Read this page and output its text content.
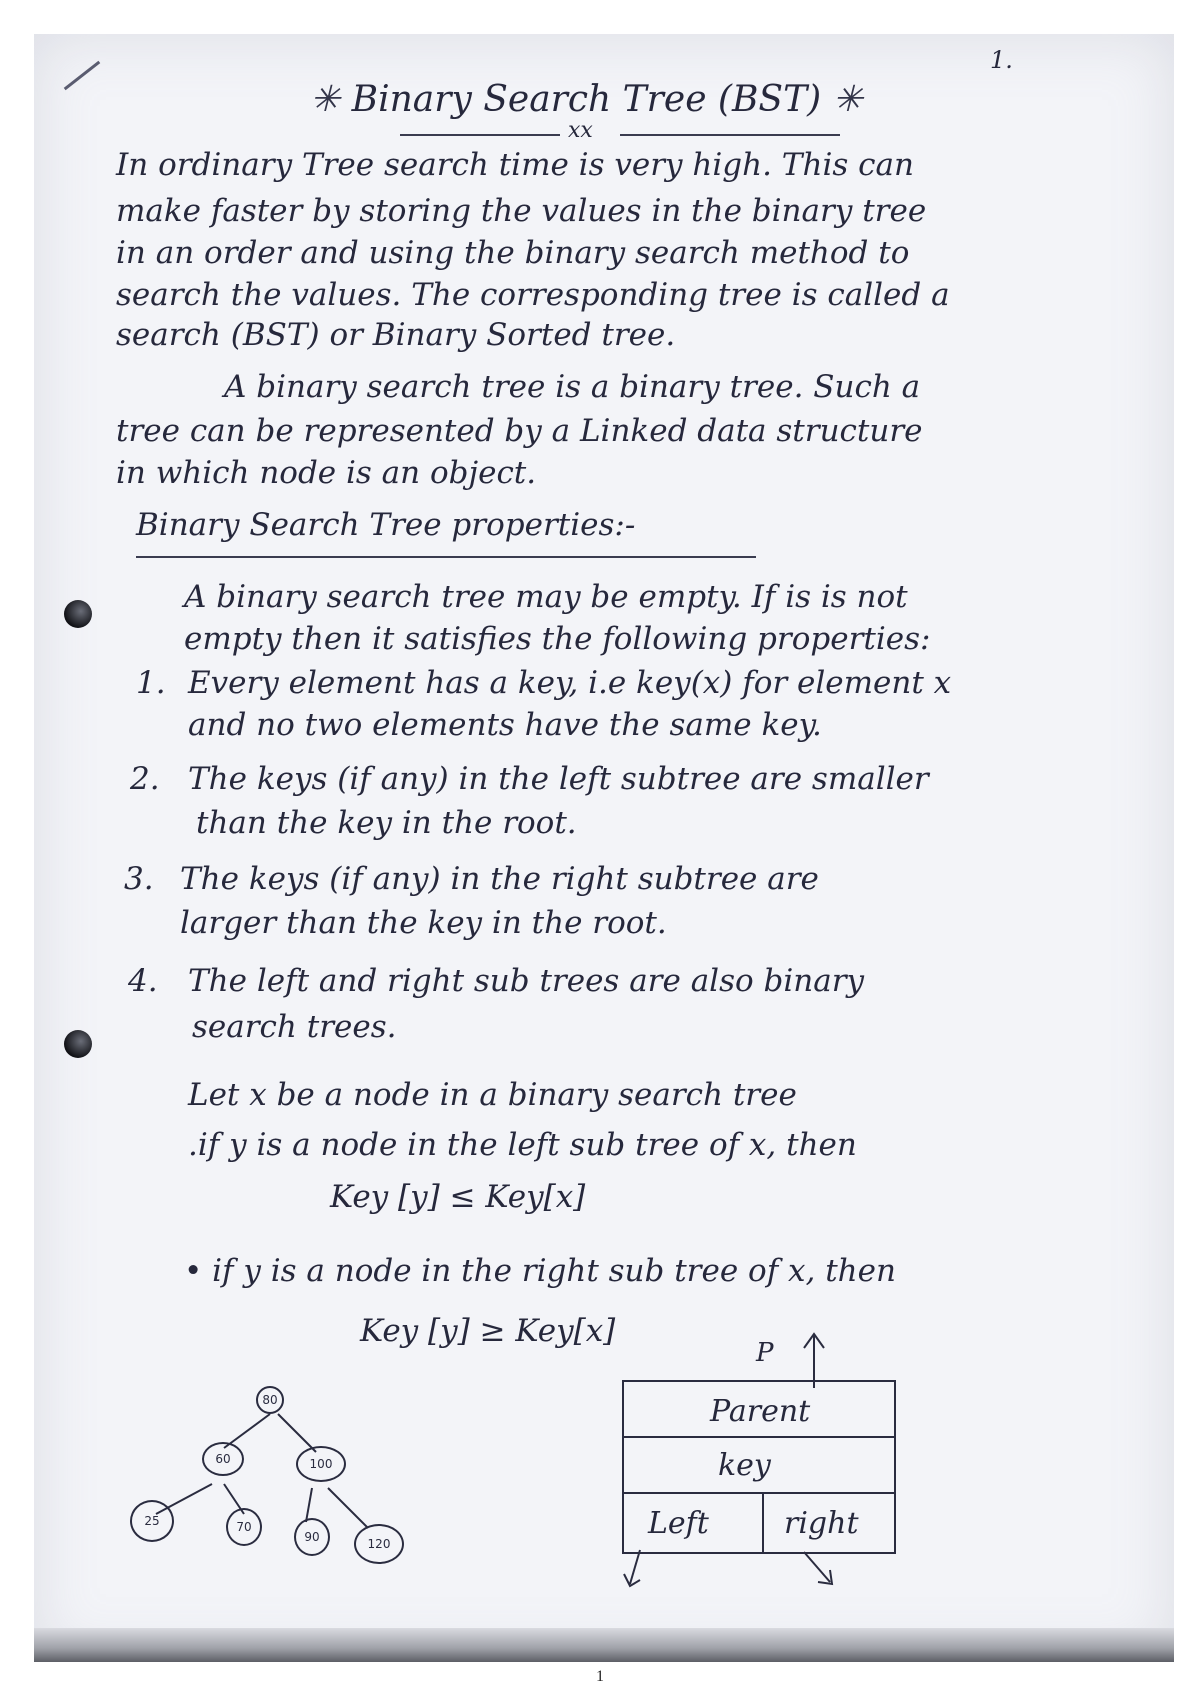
1.
✳ Binary Search Tree (BST) ✳
xx
In ordinary Tree search time is very high. This can
make faster by storing the values in the binary tree
in an order and using the binary search method to
search the values. The corresponding tree is called a
search (BST) or Binary Sorted tree.
A binary search tree is a binary tree. Such a
tree can be represented by a Linked data structure
in which node is an object.
Binary Search Tree properties:-
A binary search tree may be empty. If is is not
empty then it satisfies the following properties:
1. Every element has a key, i.e key(x) for element x
and no two elements have the same key.
2. The keys (if any) in the left subtree are smaller
than the key in the root.
3. The keys (if any) in the right subtree are
larger than the key in the root.
4. The left and right sub trees are also binary
search trees.
Let x be a node in a binary search tree
.if y is a node in the left sub tree of x, then
Key [y] ≤ Key[x]
• if y is a node in the right sub tree of x, then
Key [y] ≥ Key[x]
80
60	100
25	70
90	120
P
Parent
key
Left	right
1
